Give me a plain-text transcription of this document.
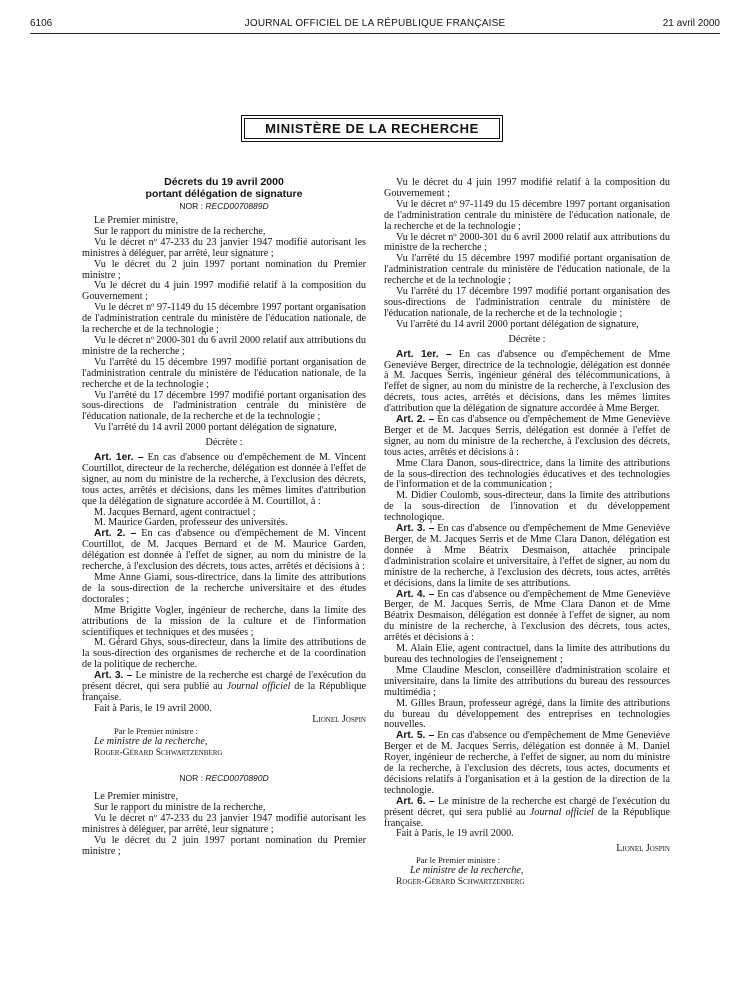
JOURNAL OFFICIEL DE LA RÉPUBLIQUE FRANÇAISE
6106	21 avril 2000
MINISTÈRE DE LA RECHERCHE
Décrets du 19 avril 2000
portant délégation de signature
NOR : RECD0070889D

Le Premier ministre,

Sur le rapport du ministre de la recherche,

Vu le décret nº 47-233 du 23 janvier 1947 modifié autorisant les ministres à déléguer, par arrêté, leur signature ;

Vu le décret du 2 juin 1997 portant nomination du Premier ministre ;

Vu le décret du 4 juin 1997 modifié relatif à la composition du Gouvernement ;

Vu le décret nº 97-1149 du 15 décembre 1997 portant organisation de l'administration centrale du ministère de l'éducation nationale, de la recherche et de la technologie ;

Vu le décret nº 2000-301 du 6 avril 2000 relatif aux attributions du ministre de la recherche ;

Vu l'arrêté du 15 décembre 1997 modifié portant organisation de l'administration centrale du ministère de l'éducation nationale, de la recherche et de la technologie ;

Vu l'arrêté du 17 décembre 1997 modifié portant organisation des sous-directions de l'administration centrale du ministère de l'éducation nationale, de la recherche et de la technologie ;

Vu l'arrêté du 14 avril 2000 portant délégation de signature,

Décrète :

Art. 1er. – En cas d'absence ou d'empêchement de M. Vincent Courtillot, directeur de la recherche, délégation est donnée à l'effet de signer, au nom du ministre de la recherche, à l'exclusion des décrets, tous actes, arrêtés et décisions, dans les mêmes limites d'attribution que la délégation de signature accordée à M. Courtillot, à :

M. Jacques Bernard, agent contractuel ;

M. Maurice Garden, professeur des universités.

Art. 2. – En cas d'absence ou d'empêchement de M. Vincent Courtillot, de M. Jacques Bernard et de M. Maurice Garden, délégation est donnée à l'effet de signer, au nom du ministre de la recherche, à l'exclusion des décrets, tous actes, arrêtés et décisions à :

Mme Anne Giami, sous-directrice, dans la limite des attributions de la sous-direction de la recherche universitaire et des études doctorales ;

Mme Brigitte Vogler, ingénieur de recherche, dans la limite des attributions de la mission de la culture et de l'information scientifiques et techniques et des musées ;

M. Gérard Ghys, sous-directeur, dans la limite des attributions de la sous-direction des organismes de recherche et de la coordination de la politique de recherche.

Art. 3. – Le ministre de la recherche est chargé de l'exécution du présent décret, qui sera publié au Journal officiel de la République française.

Fait à Paris, le 19 avril 2000.

Lionel Jospin

Par le Premier ministre :

Le ministre de la recherche,

Roger-Gérard Schwartzenberg

NOR : RECD0070890D

Le Premier ministre,

Sur le rapport du ministre de la recherche,

Vu le décret nº 47-233 du 23 janvier 1947 modifié autorisant les ministres à déléguer, par arrêté, leur signature ;

Vu le décret du 2 juin 1997 portant nomination du Premier ministre ;

Vu le décret du 4 juin 1997 modifié relatif à la composition du Gouvernement ;

Vu le décret nº 97-1149 du 15 décembre 1997 portant organisation de l'administration centrale du ministère de l'éducation nationale, de la recherche et de la technologie ;

Vu le décret nº 2000-301 du 6 avril 2000 relatif aux attributions du ministre de la recherche ;

Vu l'arrêté du 15 décembre 1997 modifié portant organisation de l'administration centrale du ministère de l'éducation nationale, de la recherche et de la technologie ;

Vu l'arrêté du 17 décembre 1997 modifié portant organisation des sous-directions de l'administration centrale du ministère de l'éducation nationale, de la recherche et de la technologie ;

Vu l'arrêté du 14 avril 2000 portant délégation de signature,

Décrète :

Art. 1er. – En cas d'absence ou d'empêchement de Mme Geneviève Berger, directrice de la technologie, délégation est donnée à M. Jacques Serris, ingénieur général des télécommunications, à l'effet de signer, au nom du ministre de la recherche, à l'exclusion des décrets, tous actes, arrêtés et décisions, dans les mêmes limites d'attribution que la délégation de signature accordée à Mme Berger.

Art. 2. – En cas d'absence ou d'empêchement de Mme Geneviève Berger et de M. Jacques Serris, délégation est donnée à l'effet de signer, au nom du ministre de la recherche, à l'exclusion des décrets, tous actes, arrêtés et décisions à :

Mme Clara Danon, sous-directrice, dans la limite des attributions de la sous-direction des technologies éducatives et des technologies de l'information et de la communication ;

M. Didier Coulomb, sous-directeur, dans la limite des attributions de la sous-direction de l'innovation et du développement technologique.

Art. 3. – En cas d'absence ou d'empêchement de Mme Geneviève Berger, de M. Jacques Serris et de Mme Clara Danon, délégation est donnée à Mme Béatrix Desmaison, attachée principale d'administration scolaire et universitaire, à l'effet de signer, au nom du ministre de la recherche, à l'exclusion des décrets, tous actes, arrêtés et décisions, dans la limite de ses attributions.

Art. 4. – En cas d'absence ou d'empêchement de Mme Geneviève Berger, de M. Jacques Serris, de Mme Clara Danon et de Mme Béatrix Desmaison, délégation est donnée à l'effet de signer, au nom du ministre de la recherche, à l'exclusion des décrets, tous actes, arrêtés et décisions à :

M. Alain Elie, agent contractuel, dans la limite des attributions du bureau des technologies de l'enseignement ;

Mme Claudine Mesclon, conseillère d'administration scolaire et universitaire, dans la limite des attributions du bureau des ressources multimédia ;

M. Gilles Braun, professeur agrégé, dans la limite des attributions du bureau du développement des entreprises en technologies nouvelles.

Art. 5. – En cas d'absence ou d'empêchement de Mme Geneviève Berger et de M. Jacques Serris, délégation est donnée à M. Daniel Royer, ingénieur de recherche, à l'effet de signer, au nom du ministre de la recherche, à l'exclusion des décrets, tous actes, documents et décisions relatifs à l'organisation et à la gestion de la direction de la technologie.

Art. 6. – Le ministre de la recherche est chargé de l'exécution du présent décret, qui sera publié au Journal officiel de la République française.

Fait à Paris, le 19 avril 2000.

Lionel Jospin

Par le Premier ministre :

Le ministre de la recherche,

Roger-Gérard Schwartzenberg
